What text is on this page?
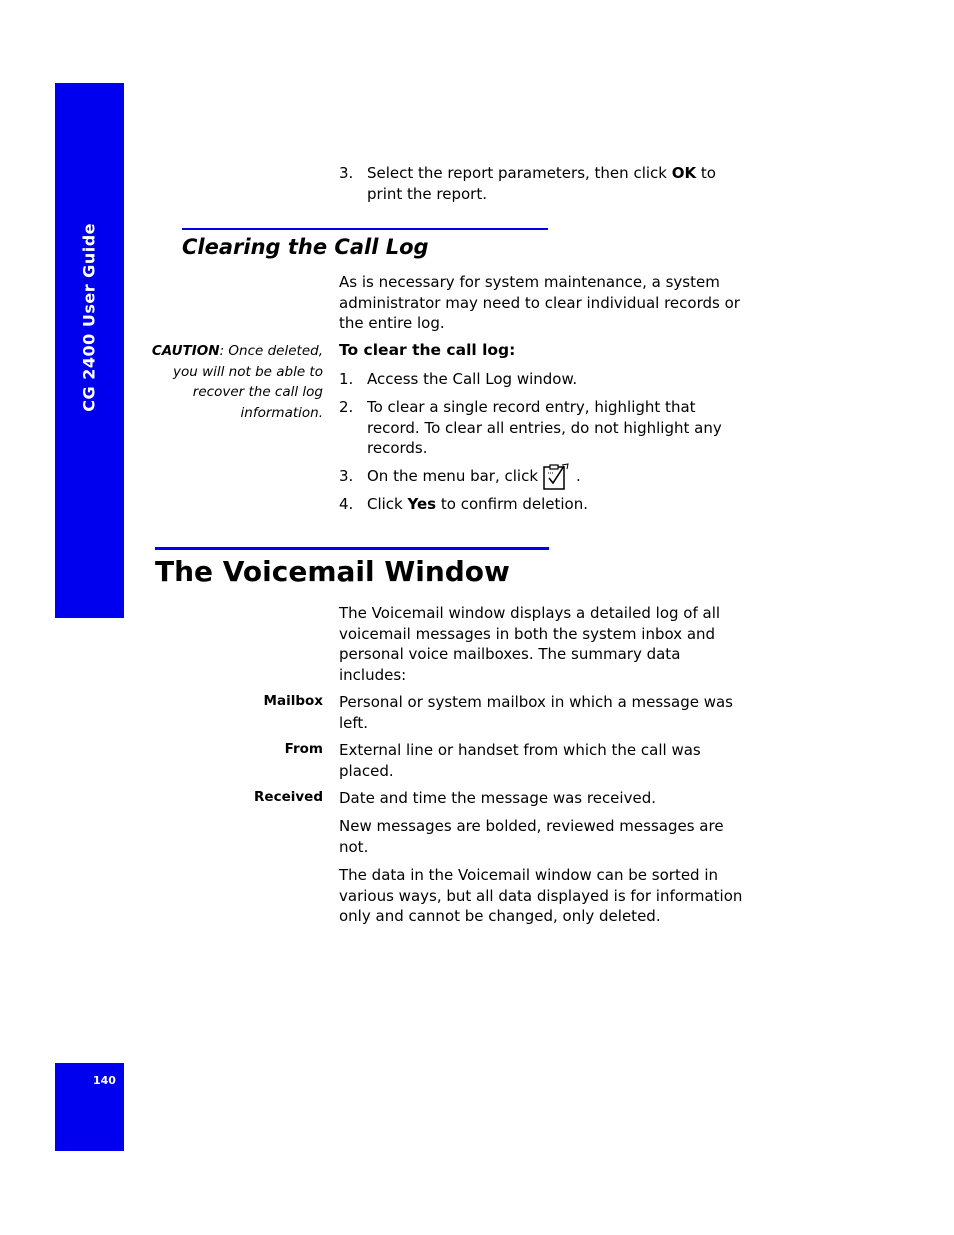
CG 2400 User Guide
140
3. Select the report parameters, then click OK to print the report.
Clearing the Call Log
As is necessary for system maintenance, a system administrator may need to clear individual records or the entire log.
CAUTION: Once deleted, you will not be able to recover the call log information.
To clear the call log:
1. Access the Call Log window.
2. To clear a single record entry, highlight that record. To clear all entries, do not highlight any records.
3. On the menu bar, click	.
4. Click Yes to confirm deletion.
The Voicemail Window
The Voicemail window displays a detailed log of all voicemail messages in both the system inbox and personal voice mailboxes. The summary data includes:
Mailbox Personal or system mailbox in which a message was left.
From External line or handset from which the call was placed.
Received Date and time the message was received.
New messages are bolded, reviewed messages are not.
The data in the Voicemail window can be sorted in various ways, but all data displayed is for information only and cannot be changed, only deleted.
